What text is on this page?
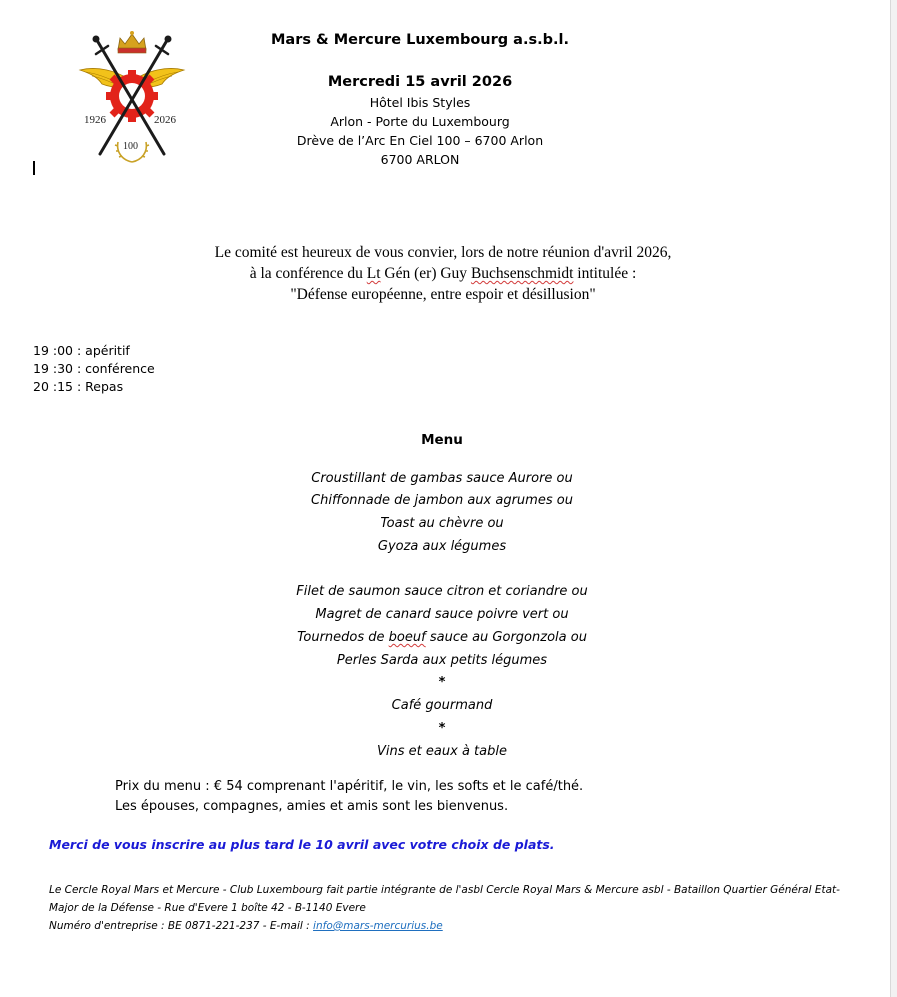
1926	2026
100
Mars & Mercure Luxembourg a.s.b.l.
Mercredi 15 avril 2026
Hôtel Ibis Styles
Arlon - Porte du Luxembourg
Drève de l’Arc En Ciel 100 – 6700 Arlon
6700 ARLON
Le comité est heureux de vous convier, lors de notre réunion d'avril 2026,
à la conférence du Lt Gén (er) Guy Buchsenschmidt intitulée :
"Défense européenne, entre espoir et désillusion"
19 :00 : apéritif
19 :30 : conférence
20 :15 : Repas
Menu
Croustillant de gambas sauce Aurore ou
Chiffonnade de jambon aux agrumes ou
Toast au chèvre ou
Gyoza aux légumes
Filet de saumon sauce citron et coriandre ou
Magret de canard sauce poivre vert ou
Tournedos de boeuf sauce au Gorgonzola ou
Perles Sarda aux petits légumes
*
Café gourmand
*
Vins et eaux à table
Prix du menu : € 54 comprenant l'apéritif, le vin, les softs et le café/thé.
Les épouses, compagnes, amies et amis sont les bienvenus.
Merci de vous inscrire au plus tard le 10 avril avec votre choix de plats.
Le Cercle Royal Mars et Mercure - Club Luxembourg fait partie intégrante de l'asbl Cercle Royal Mars & Mercure asbl - Bataillon Quartier Général Etat-
Major de la Défense - Rue d'Evere 1 boîte 42 - B-1140 Evere
Numéro d'entreprise : BE 0871-221-237 - E-mail : info@mars-mercurius.be
